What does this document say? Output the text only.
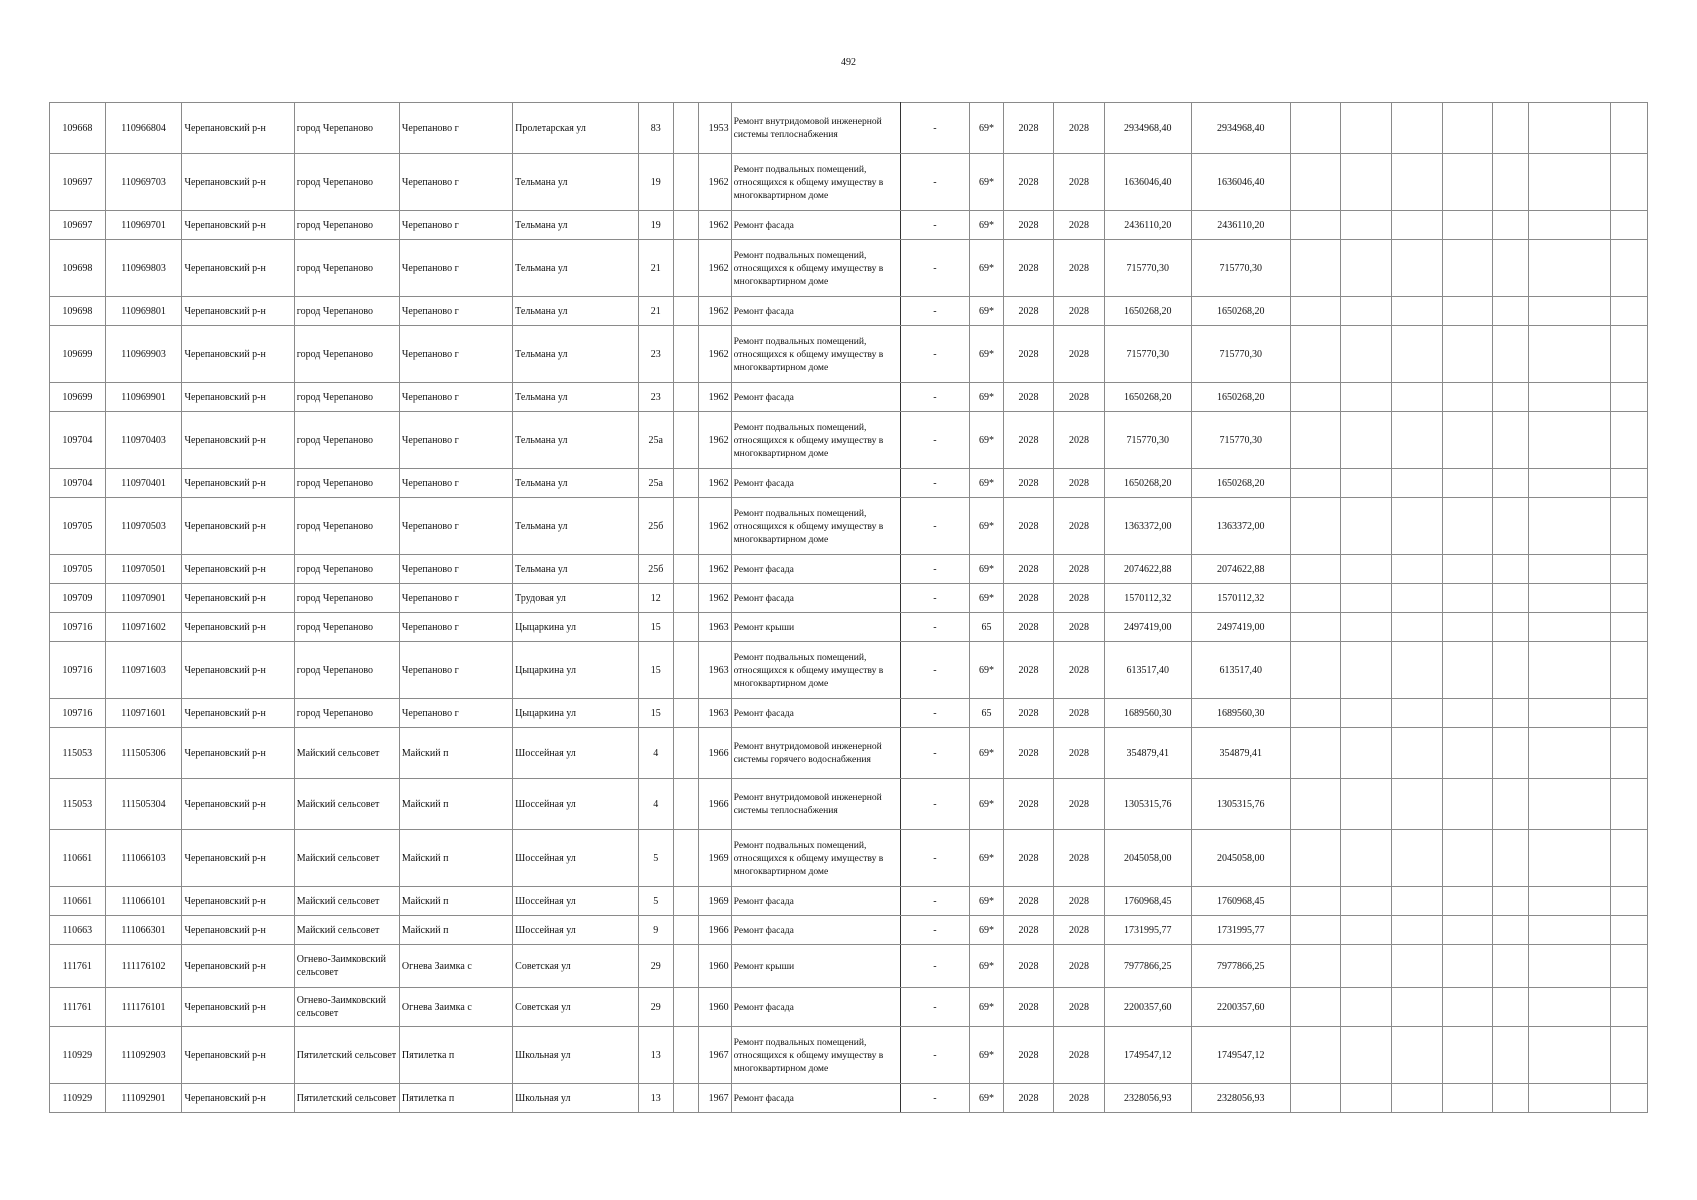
492
109668	110966804	Черепановский р-н	город Черепаново	Черепаново г	Пролетарская ул	83		1953	Ремонт внутридомовой инженерной системы теплоснабжения	-	69*	2028	2028	2934968,40	2934968,40							
109697	110969703	Черепановский р-н	город Черепаново	Черепаново г	Тельмана ул	19		1962	Ремонт подвальных помещений, относящихся к общему имуществу в многоквартирном доме	-	69*	2028	2028	1636046,40	1636046,40							
109697	110969701	Черепановский р-н	город Черепаново	Черепаново г	Тельмана ул	19		1962	Ремонт фасада	-	69*	2028	2028	2436110,20	2436110,20							
109698	110969803	Черепановский р-н	город Черепаново	Черепаново г	Тельмана ул	21		1962	Ремонт подвальных помещений, относящихся к общему имуществу в многоквартирном доме	-	69*	2028	2028	715770,30	715770,30							
109698	110969801	Черепановский р-н	город Черепаново	Черепаново г	Тельмана ул	21		1962	Ремонт фасада	-	69*	2028	2028	1650268,20	1650268,20							
109699	110969903	Черепановский р-н	город Черепаново	Черепаново г	Тельмана ул	23		1962	Ремонт подвальных помещений, относящихся к общему имуществу в многоквартирном доме	-	69*	2028	2028	715770,30	715770,30							
109699	110969901	Черепановский р-н	город Черепаново	Черепаново г	Тельмана ул	23		1962	Ремонт фасада	-	69*	2028	2028	1650268,20	1650268,20							
109704	110970403	Черепановский р-н	город Черепаново	Черепаново г	Тельмана ул	25а		1962	Ремонт подвальных помещений, относящихся к общему имуществу в многоквартирном доме	-	69*	2028	2028	715770,30	715770,30							
109704	110970401	Черепановский р-н	город Черепаново	Черепаново г	Тельмана ул	25а		1962	Ремонт фасада	-	69*	2028	2028	1650268,20	1650268,20							
109705	110970503	Черепановский р-н	город Черепаново	Черепаново г	Тельмана ул	25б		1962	Ремонт подвальных помещений, относящихся к общему имуществу в многоквартирном доме	-	69*	2028	2028	1363372,00	1363372,00							
109705	110970501	Черепановский р-н	город Черепаново	Черепаново г	Тельмана ул	25б		1962	Ремонт фасада	-	69*	2028	2028	2074622,88	2074622,88							
109709	110970901	Черепановский р-н	город Черепаново	Черепаново г	Трудовая ул	12		1962	Ремонт фасада	-	69*	2028	2028	1570112,32	1570112,32							
109716	110971602	Черепановский р-н	город Черепаново	Черепаново г	Цыцаркина ул	15		1963	Ремонт крыши	-	65	2028	2028	2497419,00	2497419,00							
109716	110971603	Черепановский р-н	город Черепаново	Черепаново г	Цыцаркина ул	15		1963	Ремонт подвальных помещений, относящихся к общему имуществу в многоквартирном доме	-	69*	2028	2028	613517,40	613517,40							
109716	110971601	Черепановский р-н	город Черепаново	Черепаново г	Цыцаркина ул	15		1963	Ремонт фасада	-	65	2028	2028	1689560,30	1689560,30							
115053	111505306	Черепановский р-н	Майский сельсовет	Майский п	Шоссейная ул	4		1966	Ремонт внутридомовой инженерной системы горячего водоснабжения	-	69*	2028	2028	354879,41	354879,41							
115053	111505304	Черепановский р-н	Майский сельсовет	Майский п	Шоссейная ул	4		1966	Ремонт внутридомовой инженерной системы теплоснабжения	-	69*	2028	2028	1305315,76	1305315,76							
110661	111066103	Черепановский р-н	Майский сельсовет	Майский п	Шоссейная ул	5		1969	Ремонт подвальных помещений, относящихся к общему имуществу в многоквартирном доме	-	69*	2028	2028	2045058,00	2045058,00							
110661	111066101	Черепановский р-н	Майский сельсовет	Майский п	Шоссейная ул	5		1969	Ремонт фасада	-	69*	2028	2028	1760968,45	1760968,45							
110663	111066301	Черепановский р-н	Майский сельсовет	Майский п	Шоссейная ул	9		1966	Ремонт фасада	-	69*	2028	2028	1731995,77	1731995,77							
111761	111176102	Черепановский р-н	Огнево-Заимковский сельсовет	Огнева Заимка с	Советская ул	29		1960	Ремонт крыши	-	69*	2028	2028	7977866,25	7977866,25							
111761	111176101	Черепановский р-н	Огнево-Заимковский сельсовет	Огнева Заимка с	Советская ул	29		1960	Ремонт фасада	-	69*	2028	2028	2200357,60	2200357,60							
110929	111092903	Черепановский р-н	Пятилетский сельсовет	Пятилетка п	Школьная ул	13		1967	Ремонт подвальных помещений, относящихся к общему имуществу в многоквартирном доме	-	69*	2028	2028	1749547,12	1749547,12							
110929	111092901	Черепановский р-н	Пятилетский сельсовет	Пятилетка п	Школьная ул	13		1967	Ремонт фасада	-	69*	2028	2028	2328056,93	2328056,93							
